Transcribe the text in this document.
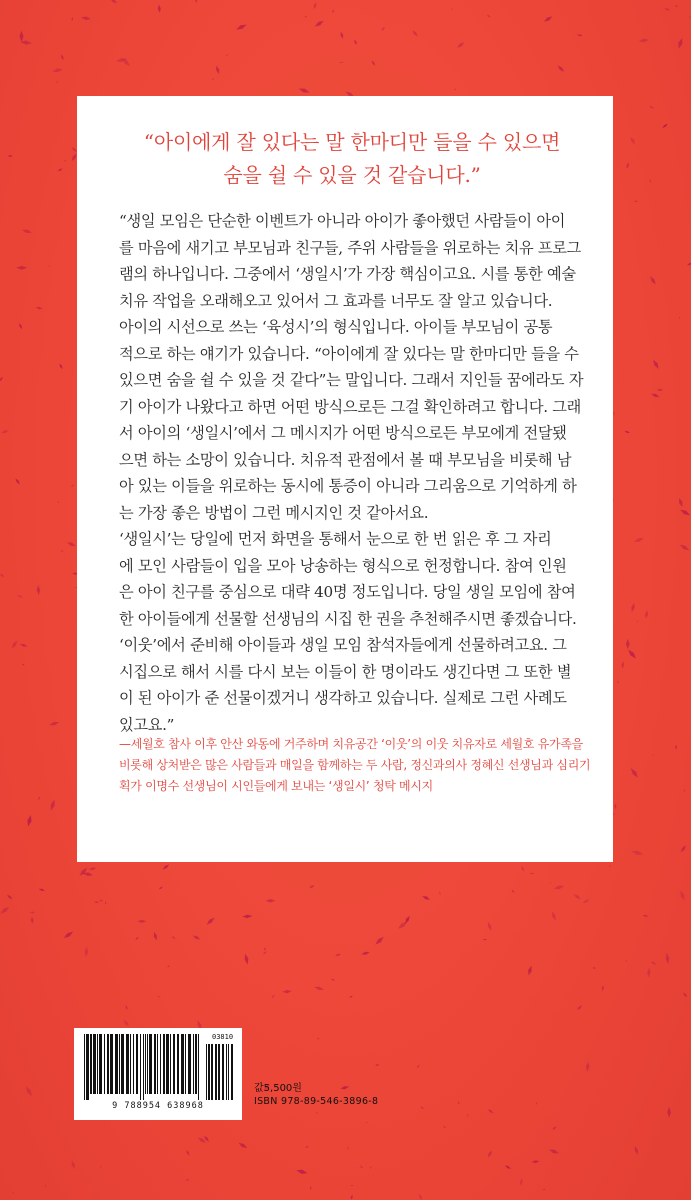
“아이에게 잘 있다는 말 한마디만 들을 수 있으면
숨을 쉴 수 있을 것 같습니다.”
“생일 모임은 단순한 이벤트가 아니라 아이가 좋아했던 사람들이 아이
를 마음에 새기고 부모님과 친구들, 주위 사람들을 위로하는 치유 프로그
램의 하나입니다. 그중에서 ‘생일시’가 가장 핵심이고요. 시를 통한 예술
치유 작업을 오래해오고 있어서 그 효과를 너무도 잘 알고 있습니다.
아이의 시선으로 쓰는 ‘육성시’의 형식입니다. 아이들 부모님이 공통
적으로 하는 얘기가 있습니다. “아이에게 잘 있다는 말 한마디만 들을 수
있으면 숨을 쉴 수 있을 것 같다”는 말입니다. 그래서 지인들 꿈에라도 자
기 아이가 나왔다고 하면 어떤 방식으로든 그걸 확인하려고 합니다. 그래
서 아이의 ‘생일시’에서 그 메시지가 어떤 방식으로든 부모에게 전달됐
으면 하는 소망이 있습니다. 치유적 관점에서 볼 때 부모님을 비롯해 남
아 있는 이들을 위로하는 동시에 통증이 아니라 그리움으로 기억하게 하
는 가장 좋은 방법이 그런 메시지인 것 같아서요.
‘생일시’는 당일에 먼저 화면을 통해서 눈으로 한 번 읽은 후 그 자리
에 모인 사람들이 입을 모아 낭송하는 형식으로 헌정합니다. 참여 인원
은 아이 친구를 중심으로 대략 40명 정도입니다. 당일 생일 모임에 참여
한 아이들에게 선물할 선생님의 시집 한 권을 추천해주시면 좋겠습니다.
‘이웃’에서 준비해 아이들과 생일 모임 참석자들에게 선물하려고요. 그
시집으로 해서 시를 다시 보는 이들이 한 명이라도 생긴다면 그 또한 별
이 된 아이가 준 선물이겠거니 생각하고 있습니다. 실제로 그런 사례도
있고요.”
—세월호 참사 이후 안산 와동에 거주하며 치유공간 ‘이웃’의 이웃 치유자로 세월호 유가족을
비롯해 상처받은 많은 사람들과 매일을 함께하는 두 사람, 정신과의사 정혜신 선생님과 심리기
획가 이명수 선생님이 시인들에게 보내는 ‘생일시’ 청탁 메시지
9 788954 638968
03810
값5,500원
ISBN 978-89-546-3896-8
